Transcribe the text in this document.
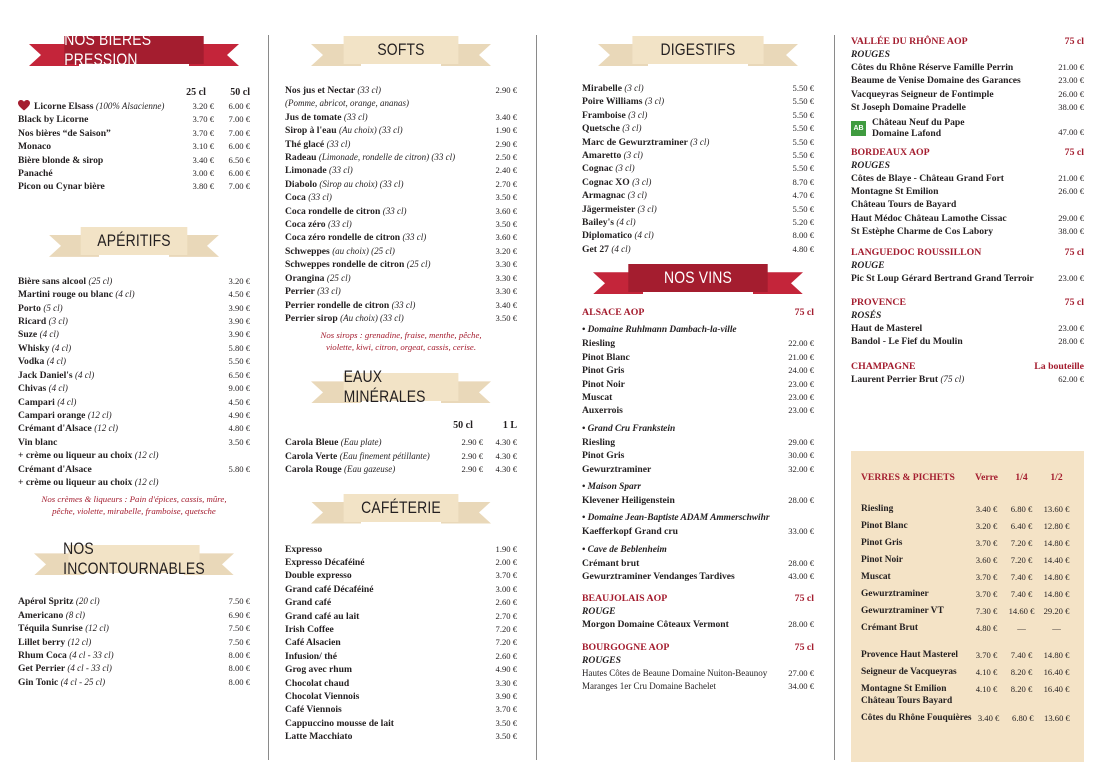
NOS BIÈRES PRESSION
25 cl	50 cl
Licorne Elsass (100% Alsacienne)	3.20 €	6.00 €
Black by Licorne	3.70 €	7.00 €
Nos bières “de Saison”	3.70 €	7.00 €
Monaco	3.10 €	6.00 €
Bière blonde & sirop	3.40 €	6.50 €
Panaché	3.00 €	6.00 €
Picon ou Cynar bière	3.80 €	7.00 €
APÉRITIFS
Bière sans alcool (25 cl)	3.20 €
Martini rouge ou blanc (4 cl)	4.50 €
Porto (5 cl)	3.90 €
Ricard (3 cl)	3.90 €
Suze (4 cl)	3.90 €
Whisky (4 cl)	5.80 €
Vodka (4 cl)	5.50 €
Jack Daniel's (4 cl)	6.50 €
Chivas (4 cl)	9.00 €
Campari (4 cl)	4.50 €
Campari orange (12 cl)	4.90 €
Crémant d'Alsace (12 cl)	4.80 €
Vin blanc	3.50 €
+ crème ou liqueur au choix (12 cl)
Crémant d'Alsace	5.80 €
+ crème ou liqueur au choix (12 cl)
Nos crèmes & liqueurs : Pain d'épices, cassis, mûre, pêche, violette, mirabelle, framboise, quetsche
NOS INCONTOURNABLES
Apérol Spritz (20 cl)	7.50 €
Americano (8 cl)	6.90 €
Téquila Sunrise (12 cl)	7.50 €
Lillet berry (12 cl)	7.50 €
Rhum Coca (4 cl - 33 cl)	8.00 €
Get Perrier (4 cl - 33 cl)	8.00 €
Gin Tonic (4 cl - 25 cl)	8.00 €
SOFTS
Nos jus et Nectar (33 cl)	2.90 €
(Pomme, abricot, orange, ananas)
Jus de tomate (33 cl)	3.40 €
Sirop à l'eau (Au choix) (33 cl)	1.90 €
Thé glacé (33 cl)	2.90 €
Radeau (Limonade, rondelle de citron) (33 cl)	2.50 €
Limonade (33 cl)	2.40 €
Diabolo (Sirop au choix) (33 cl)	2.70 €
Coca (33 cl)	3.50 €
Coca rondelle de citron (33 cl)	3.60 €
Coca zéro (33 cl)	3.50 €
Coca zéro rondelle de citron (33 cl)	3.60 €
Schweppes (au choix) (25 cl)	3.20 €
Schweppes rondelle de citron (25 cl)	3.30 €
Orangina (25 cl)	3.30 €
Perrier (33 cl)	3.30 €
Perrier rondelle de citron (33 cl)	3.40 €
Perrier sirop (Au choix) (33 cl)	3.50 €
Nos sirops : grenadine, fraise, menthe, pêche, violette, kiwi, citron, orgeat, cassis, cerise.
EAUX MINÉRALES
50 cl	1 L
Carola Bleue (Eau plate)	2.90 €	4.30 €
Carola Verte (Eau finement pétillante)	2.90 €	4.30 €
Carola Rouge (Eau gazeuse)	2.90 €	4.30 €
CAFÉTERIE
Expresso	1.90 €
Expresso Décaféiné	2.00 €
Double expresso	3.70 €
Grand café Décaféiné	3.00 €
Grand café	2.60 €
Grand café au lait	2.70 €
Irish Coffee	7.20 €
Café Alsacien	7.20 €
Infusion/ thé	2.60 €
Grog avec rhum	4.90 €
Chocolat chaud	3.30 €
Chocolat Viennois	3.90 €
Café Viennois	3.70 €
Cappuccino mousse de lait	3.50 €
Latte Macchiato	3.50 €
DIGESTIFS
Mirabelle (3 cl)	5.50 €
Poire Williams (3 cl)	5.50 €
Framboise (3 cl)	5.50 €
Quetsche (3 cl)	5.50 €
Marc de Gewurztraminer (3 cl)	5.50 €
Amaretto (3 cl)	5.50 €
Cognac (3 cl)	5.50 €
Cognac XO (3 cl)	8.70 €
Armagnac (3 cl)	4.70 €
Jägermeister (3 cl)	5.50 €
Bailey's (4 cl)	5.20 €
Diplomatico (4 cl)	8.00 €
Get 27 (4 cl)	4.80 €
NOS VINS
ALSACE AOP	75 cl
• Domaine Ruhlmann Dambach-la-ville
Riesling	22.00 €
Pinot Blanc	21.00 €
Pinot Gris	24.00 €
Pinot Noir	23.00 €
Muscat	23.00 €
Auxerrois	23.00 €
• Grand Cru Frankstein
Riesling	29.00 €
Pinot Gris	30.00 €
Gewurztraminer	32.00 €
• Maison Sparr
Klevener Heiligenstein	28.00 €
• Domaine Jean-Baptiste ADAM Ammerschwihr
Kaefferkopf Grand cru	33.00 €
• Cave de Beblenheim
Crémant brut	28.00 €
Gewurztraminer Vendanges Tardives	43.00 €
BEAUJOLAIS AOP	75 cl
ROUGE
Morgon Domaine Côteaux Vermont	28.00 €
BOURGOGNE AOP	75 cl
ROUGES
Hautes Côtes de Beaune Domaine Nuiton-Beaunoy	27.00 €
Maranges 1er Cru Domaine Bachelet	34.00 €
VALLÉE DU RHÔNE AOP	75 cl
ROUGES
Côtes du Rhône Réserve Famille Perrin	21.00 €
Beaume de Venise Domaine des Garances	23.00 €
Vacqueyras Seigneur de Fontimple	26.00 €
St Joseph Domaine Pradelle	38.00 €
AB
Château Neuf du Pape
Domaine Lafond	47.00 €
BORDEAUX AOP	75 cl
ROUGES
Côtes de Blaye - Château Grand Fort	21.00 €
Montagne St Emilion	26.00 €
Château Tours de Bayard
Haut Médoc Château Lamothe Cissac	29.00 €
St Estèphe Charme de Cos Labory	38.00 €
LANGUEDOC ROUSSILLON	75 cl
ROUGE
Pic St Loup Gérard Bertrand Grand Terroir	23.00 €
PROVENCE	75 cl
ROSÉS
Haut de Masterel	23.00 €
Bandol - Le Fief du Moulin	28.00 €
CHAMPAGNE	La bouteille
Laurent Perrier Brut (75 cl)	62.00 €
VERRES & PICHETS	Verre	1/4	1/2
Riesling	3.40 €	6.80 €	13.60 €
Pinot Blanc	3.20 €	6.40 €	12.80 €
Pinot Gris	3.70 €	7.20 €	14.80 €
Pinot Noir	3.60 €	7.20 €	14.40 €
Muscat	3.70 €	7.40 €	14.80 €
Gewurztraminer	3.70 €	7.40 €	14.80 €
Gewurztraminer VT	7.30 €	14.60 €	29.20 €
Crémant Brut	4.80 €	—	—
Provence Haut Masterel	3.70 €	7.40 €	14.80 €
Seigneur de Vacqueyras	4.10 €	8.20 €	16.40 €
Montagne St Emilion	4.10 €	8.20 €	16.40 €
Château Tours Bayard
Côtes du Rhône Fouquières 3.40 €	6.80 €	13.60 €
